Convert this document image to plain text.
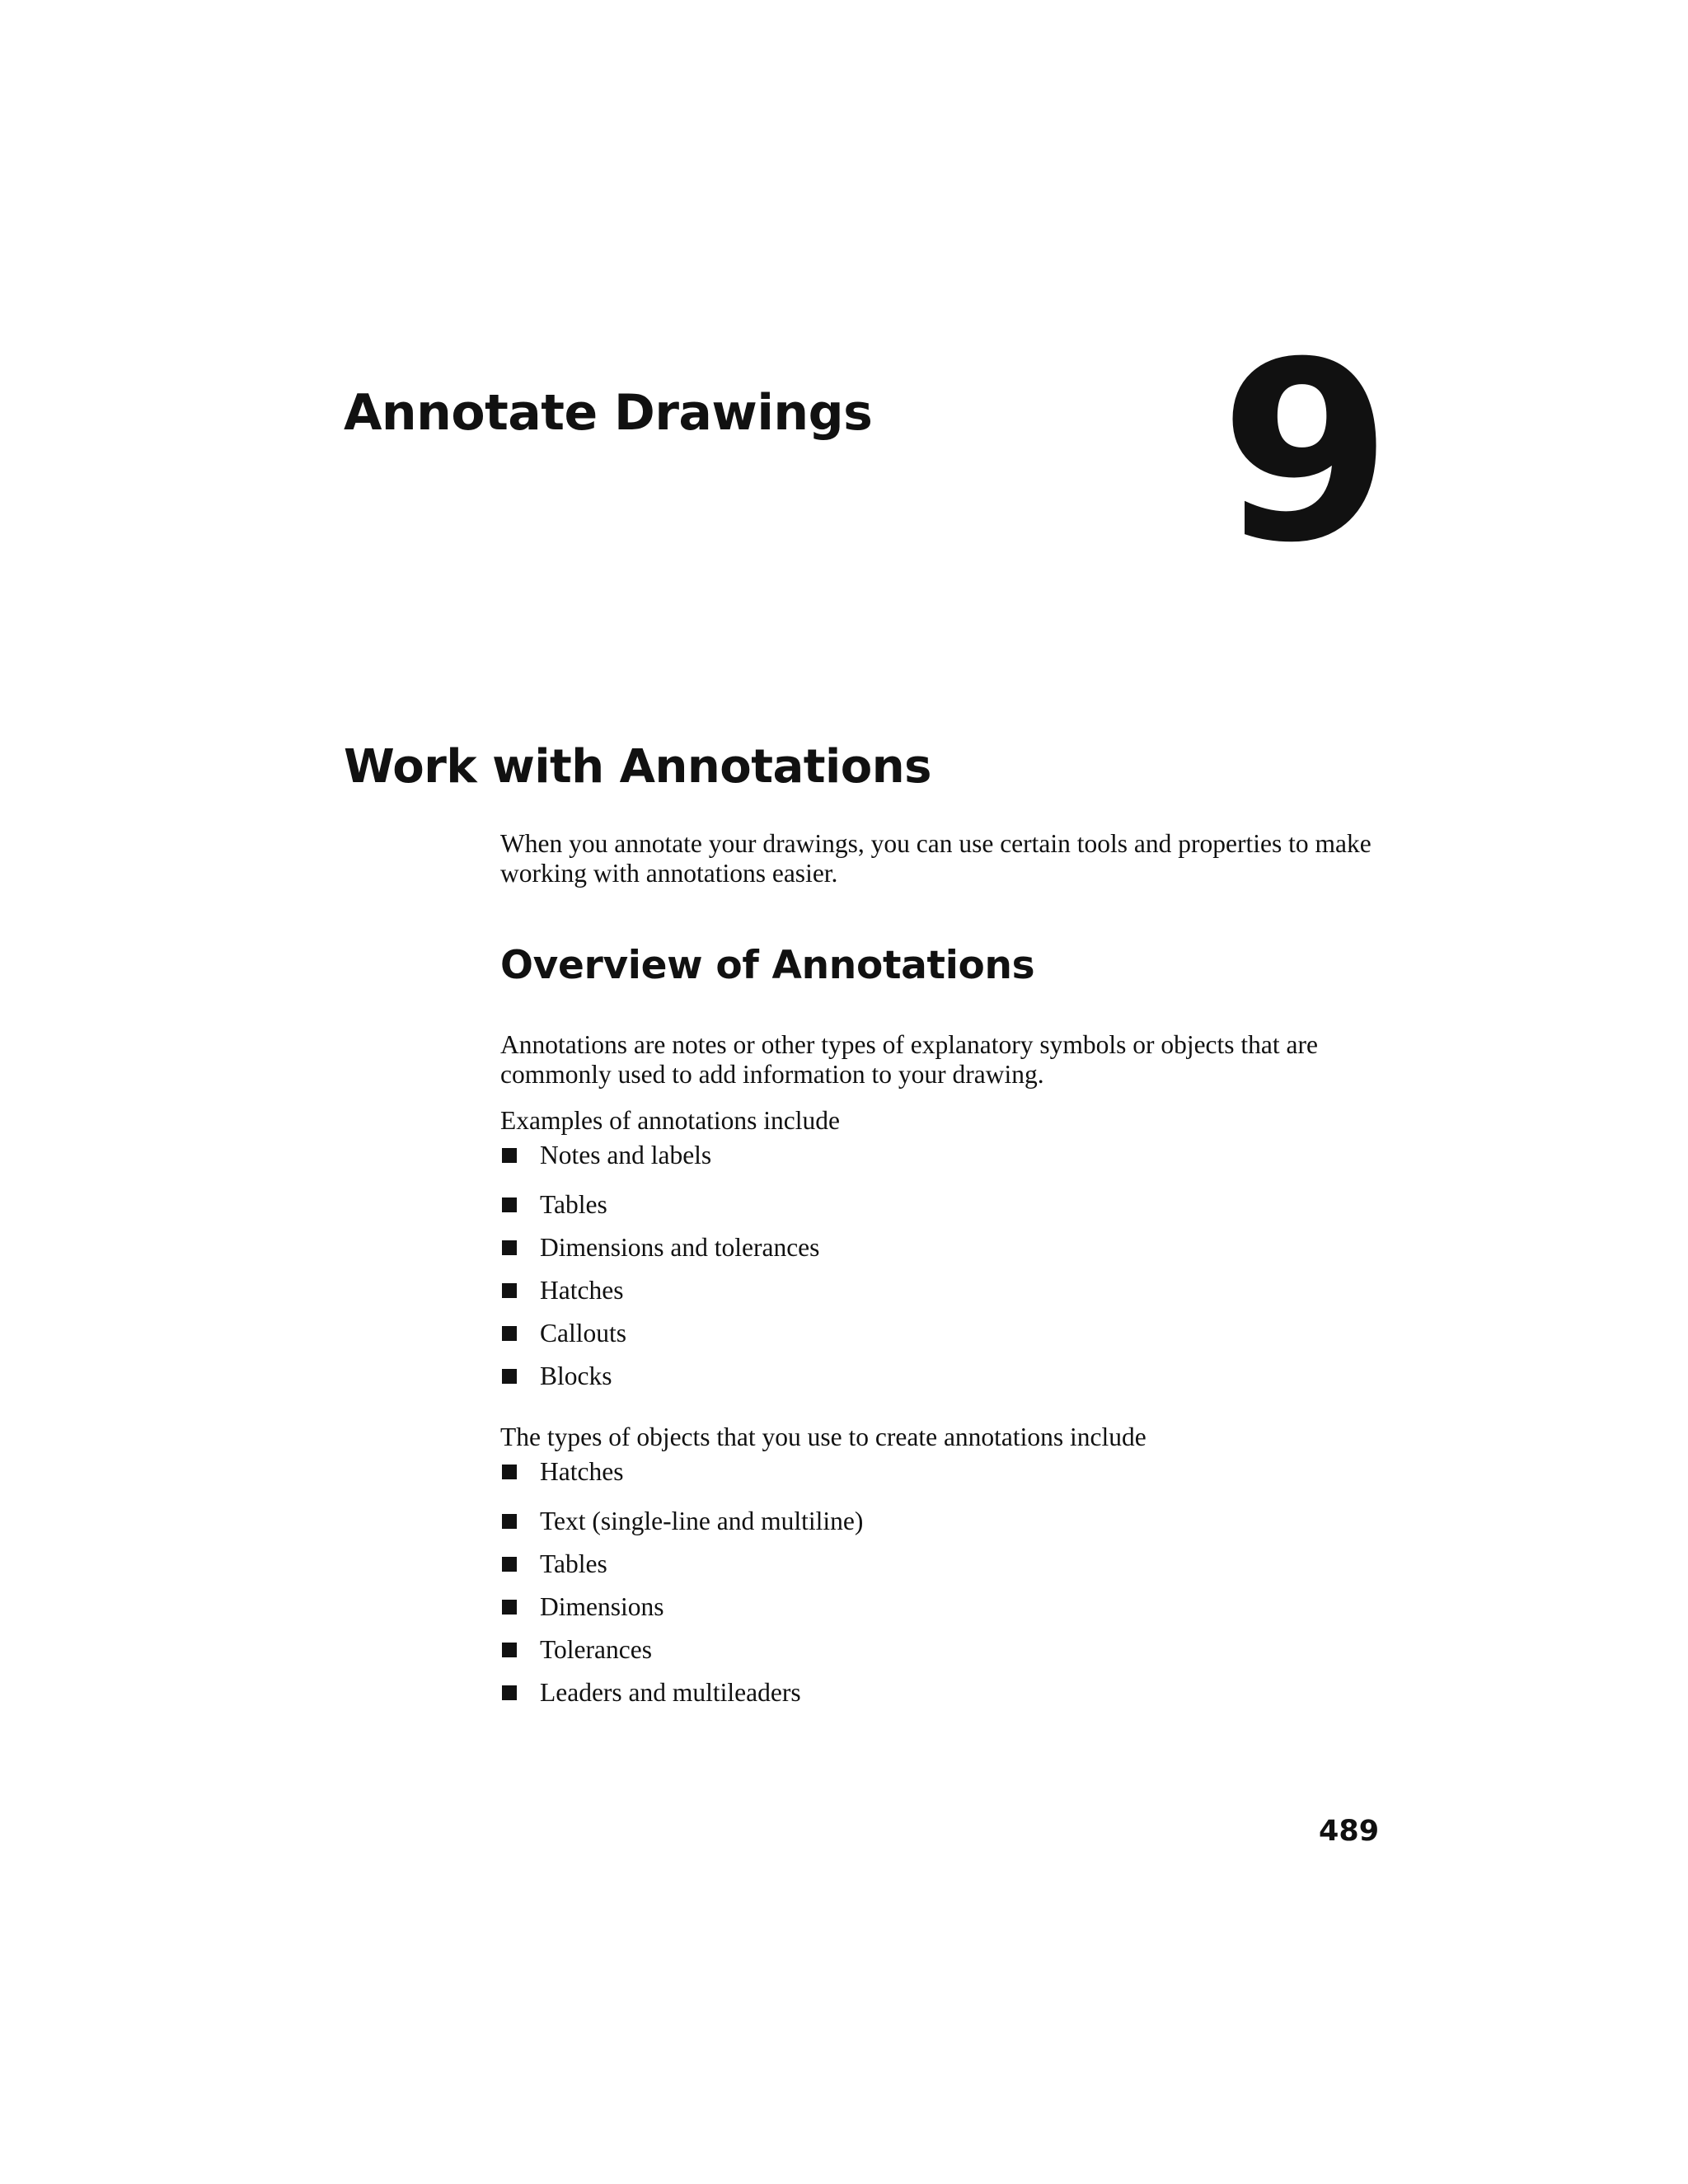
Annotate Drawings 9
Work with Annotations

When you annotate your drawings, you can use certain tools and properties to make working with annotations easier.

Overview of Annotations

Annotations are notes or other types of explanatory symbols or objects that are commonly used to add information to your drawing.

Examples of annotations include

Notes and labels
Tables
Dimensions and tolerances
Hatches
Callouts
Blocks

The types of objects that you use to create annotations include

Hatches
Text (single-line and multiline)
Tables
Dimensions
Tolerances
Leaders and multileaders
489
